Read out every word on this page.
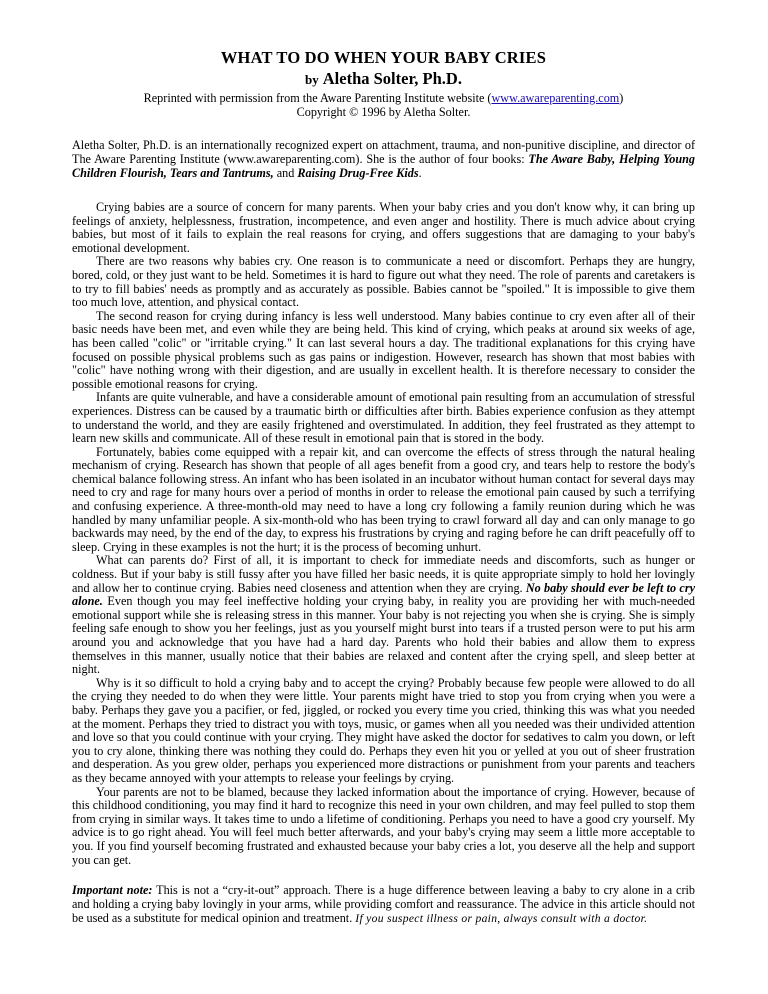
WHAT TO DO WHEN YOUR BABY CRIES

by Aletha Solter, Ph.D.

Reprinted with permission from the Aware Parenting Institute website (www.awareparenting.com)

Copyright © 1996 by Aletha Solter.

Aletha Solter, Ph.D. is an internationally recognized expert on attachment, trauma, and non-punitive discipline, and director of The Aware Parenting Institute (www.awareparenting.com). She is the author of four books: The Aware Baby, Helping Young Children Flourish, Tears and Tantrums, and Raising Drug-Free Kids.

Crying babies are a source of concern for many parents. When your baby cries and you don't know why, it can bring up feelings of anxiety, helplessness, frustration, incompetence, and even anger and hostility. There is much advice about crying babies, but most of it fails to explain the real reasons for crying, and offers suggestions that are damaging to your baby's emotional development.

There are two reasons why babies cry. One reason is to communicate a need or discomfort. Perhaps they are hungry, bored, cold, or they just want to be held. Sometimes it is hard to figure out what they need. The role of parents and caretakers is to try to fill babies' needs as promptly and as accurately as possible. Babies cannot be "spoiled." It is impossible to give them too much love, attention, and physical contact.

The second reason for crying during infancy is less well understood. Many babies continue to cry even after all of their basic needs have been met, and even while they are being held. This kind of crying, which peaks at around six weeks of age, has been called "colic" or "irritable crying." It can last several hours a day. The traditional explanations for this crying have focused on possible physical problems such as gas pains or indigestion. However, research has shown that most babies with "colic" have nothing wrong with their digestion, and are usually in excellent health. It is therefore necessary to consider the possible emotional reasons for crying.

Infants are quite vulnerable, and have a considerable amount of emotional pain resulting from an accumulation of stressful experiences. Distress can be caused by a traumatic birth or difficulties after birth. Babies experience confusion as they attempt to understand the world, and they are easily frightened and overstimulated. In addition, they feel frustrated as they attempt to learn new skills and communicate. All of these result in emotional pain that is stored in the body.

Fortunately, babies come equipped with a repair kit, and can overcome the effects of stress through the natural healing mechanism of crying. Research has shown that people of all ages benefit from a good cry, and tears help to restore the body's chemical balance following stress. An infant who has been isolated in an incubator without human contact for several days may need to cry and rage for many hours over a period of months in order to release the emotional pain caused by such a terrifying and confusing experience. A three-month-old may need to have a long cry following a family reunion during which he was handled by many unfamiliar people. A six-month-old who has been trying to crawl forward all day and can only manage to go backwards may need, by the end of the day, to express his frustrations by crying and raging before he can drift peacefully off to sleep. Crying in these examples is not the hurt; it is the process of becoming unhurt.

What can parents do? First of all, it is important to check for immediate needs and discomforts, such as hunger or coldness. But if your baby is still fussy after you have filled her basic needs, it is quite appropriate simply to hold her lovingly and allow her to continue crying. Babies need closeness and attention when they are crying. No baby should ever be left to cry alone. Even though you may feel ineffective holding your crying baby, in reality you are providing her with much-needed emotional support while she is releasing stress in this manner. Your baby is not rejecting you when she is crying. She is simply feeling safe enough to show you her feelings, just as you yourself might burst into tears if a trusted person were to put his arm around you and acknowledge that you have had a hard day. Parents who hold their babies and allow them to express themselves in this manner, usually notice that their babies are relaxed and content after the crying spell, and sleep better at night.

Why is it so difficult to hold a crying baby and to accept the crying? Probably because few people were allowed to do all the crying they needed to do when they were little. Your parents might have tried to stop you from crying when you were a baby. Perhaps they gave you a pacifier, or fed, jiggled, or rocked you every time you cried, thinking this was what you needed at the moment. Perhaps they tried to distract you with toys, music, or games when all you needed was their undivided attention and love so that you could continue with your crying. They might have asked the doctor for sedatives to calm you down, or left you to cry alone, thinking there was nothing they could do. Perhaps they even hit you or yelled at you out of sheer frustration and desperation. As you grew older, perhaps you experienced more distractions or punishment from your parents and teachers as they became annoyed with your attempts to release your feelings by crying.

Your parents are not to be blamed, because they lacked information about the importance of crying. However, because of this childhood conditioning, you may find it hard to recognize this need in your own children, and may feel pulled to stop them from crying in similar ways. It takes time to undo a lifetime of conditioning. Perhaps you need to have a good cry yourself. My advice is to go right ahead. You will feel much better afterwards, and your baby's crying may seem a little more acceptable to you. If you find yourself becoming frustrated and exhausted because your baby cries a lot, you deserve all the help and support you can get.

Important note: This is not a “cry-it-out” approach. There is a huge difference between leaving a baby to cry alone in a crib and holding a crying baby lovingly in your arms, while providing comfort and reassurance. The advice in this article should not be used as a substitute for medical opinion and treatment. If you suspect illness or pain, always consult with a doctor.
